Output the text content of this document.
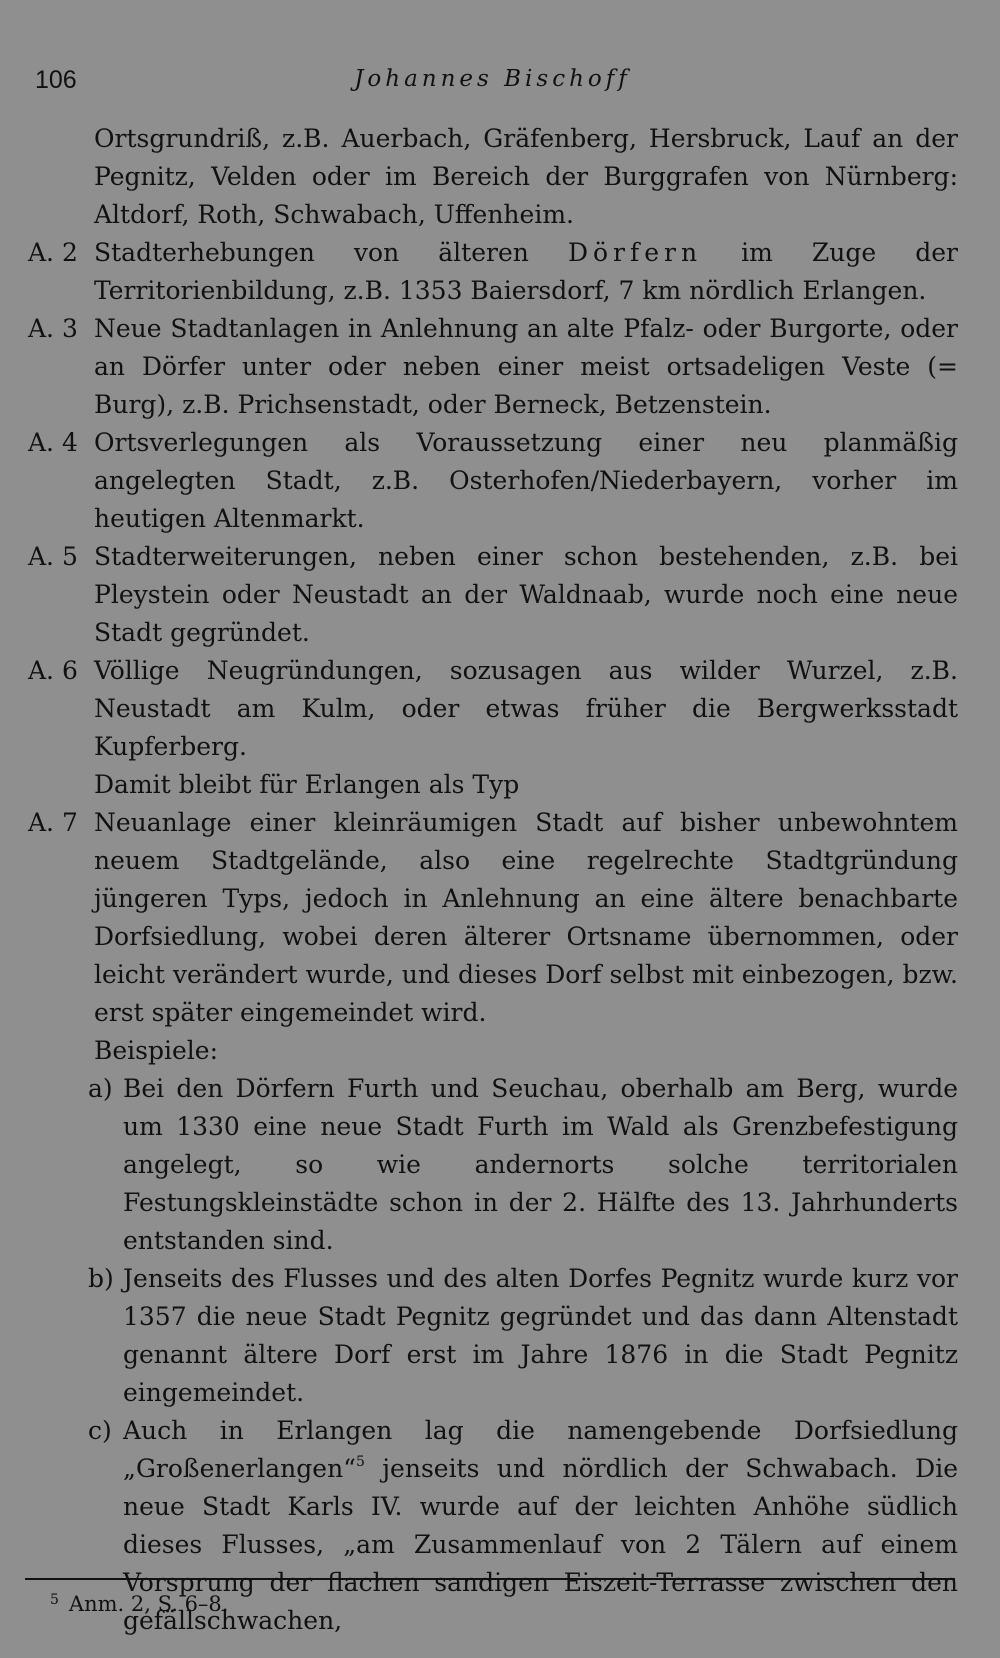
106	Johannes Bischoff
Ortsgrundriß, z.B. Auerbach, Gräfenberg, Hersbruck, Lauf an der Pegnitz, Velden oder im Bereich der Burggrafen von Nürnberg: Altdorf, Roth, Schwabach, Uffenheim.
A. 2 Stadterhebungen von älteren Dörfern im Zuge der Territorienbildung, z.B. 1353 Baiersdorf, 7 km nördlich Erlangen.
A. 3 Neue Stadtanlagen in Anlehnung an alte Pfalz- oder Burgorte, oder an Dörfer unter oder neben einer meist ortsadeligen Veste (= Burg), z.B. Prichsenstadt, oder Berneck, Betzenstein.
A. 4 Ortsverlegungen als Voraussetzung einer neu planmäßig angelegten Stadt, z.B. Osterhofen/Niederbayern, vorher im heutigen Altenmarkt.
A. 5 Stadterweiterungen, neben einer schon bestehenden, z.B. bei Pleystein oder Neustadt an der Waldnaab, wurde noch eine neue Stadt gegründet.
A. 6 Völlige Neugründungen, sozusagen aus wilder Wurzel, z.B. Neustadt am Kulm, oder etwas früher die Bergwerksstadt Kupferberg.
Damit bleibt für Erlangen als Typ
A. 7 Neuanlage einer kleinräumigen Stadt auf bisher unbewohntem neuem Stadtgelände, also eine regelrechte Stadtgründung jüngeren Typs, jedoch in Anlehnung an eine ältere benachbarte Dorfsiedlung, wobei deren älterer Ortsname übernommen, oder leicht verändert wurde, und dieses Dorf selbst mit einbezogen, bzw. erst später eingemeindet wird.
Beispiele:
a) Bei den Dörfern Furth und Seuchau, oberhalb am Berg, wurde um 1330 eine neue Stadt Furth im Wald als Grenzbefestigung angelegt, so wie andernorts solche territorialen Festungskleinstädte schon in der 2. Hälfte des 13. Jahrhunderts entstanden sind.
b) Jenseits des Flusses und des alten Dorfes Pegnitz wurde kurz vor 1357 die neue Stadt Pegnitz gegründet und das dann Altenstadt genannt ältere Dorf erst im Jahre 1876 in die Stadt Pegnitz eingemeindet.
c) Auch in Erlangen lag die namengebende Dorfsiedlung „Großenerlangen“$^5$ jenseits und nördlich der Schwabach. Die neue Stadt Karls IV. wurde auf der leichten Anhöhe südlich dieses Flusses, „am Zusammenlauf von 2 Tälern auf einem Vorsprung der flachen sandigen Eiszeit-Terrasse zwischen den gefällschwachen,
$^5$ Anm. 2, S. 6–8.
